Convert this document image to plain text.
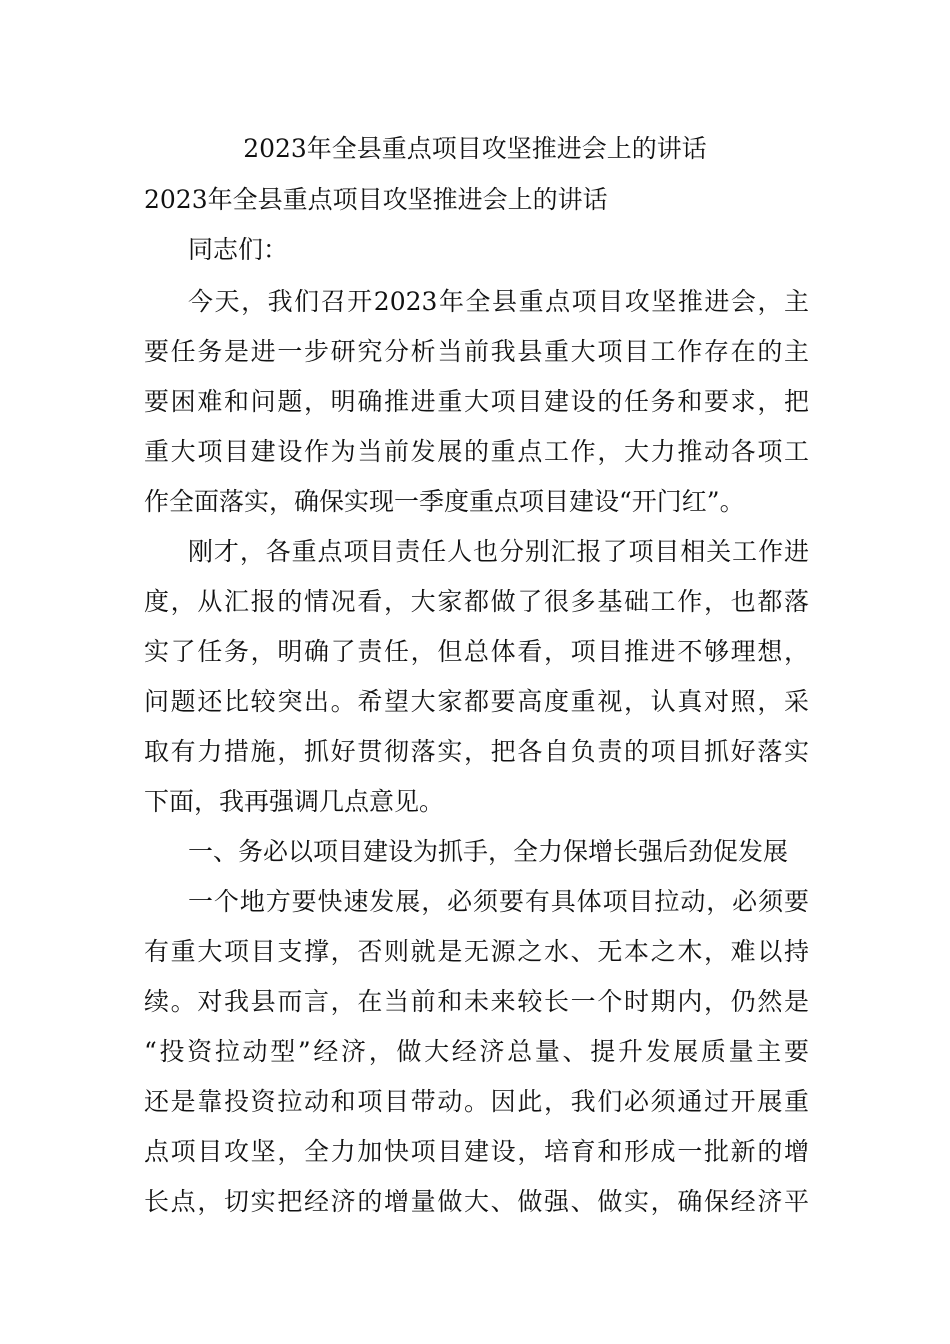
2023年全县重点项目攻坚推进会上的讲话

2023年全县重点项目攻坚推进会上的讲话

同志们：

今天，我们召开2023年全县重点项目攻坚推进会，主

要任务是进一步研究分析当前我县重大项目工作存在的主

要困难和问题，明确推进重大项目建设的任务和要求，把

重大项目建设作为当前发展的重点工作，大力推动各项工

作全面落实，确保实现一季度重点项目建设“开门红”。

刚才，各重点项目责任人也分别汇报了项目相关工作进

度，从汇报的情况看，大家都做了很多基础工作，也都落

实了任务，明确了责任，但总体看，项目推进不够理想，

问题还比较突出。希望大家都要高度重视，认真对照，采

取有力措施，抓好贯彻落实，把各自负责的项目抓好落实

下面，我再强调几点意见。

一、务必以项目建设为抓手，全力保增长强后劲促发展

一个地方要快速发展，必须要有具体项目拉动，必须要

有重大项目支撑，否则就是无源之水、无本之木，难以持

续。对我县而言，在当前和未来较长一个时期内，仍然是

“投资拉动型”经济，做大经济总量、提升发展质量主要

还是靠投资拉动和项目带动。因此，我们必须通过开展重

点项目攻坚，全力加快项目建设，培育和形成一批新的增

长点，切实把经济的增量做大、做强、做实，确保经济平
